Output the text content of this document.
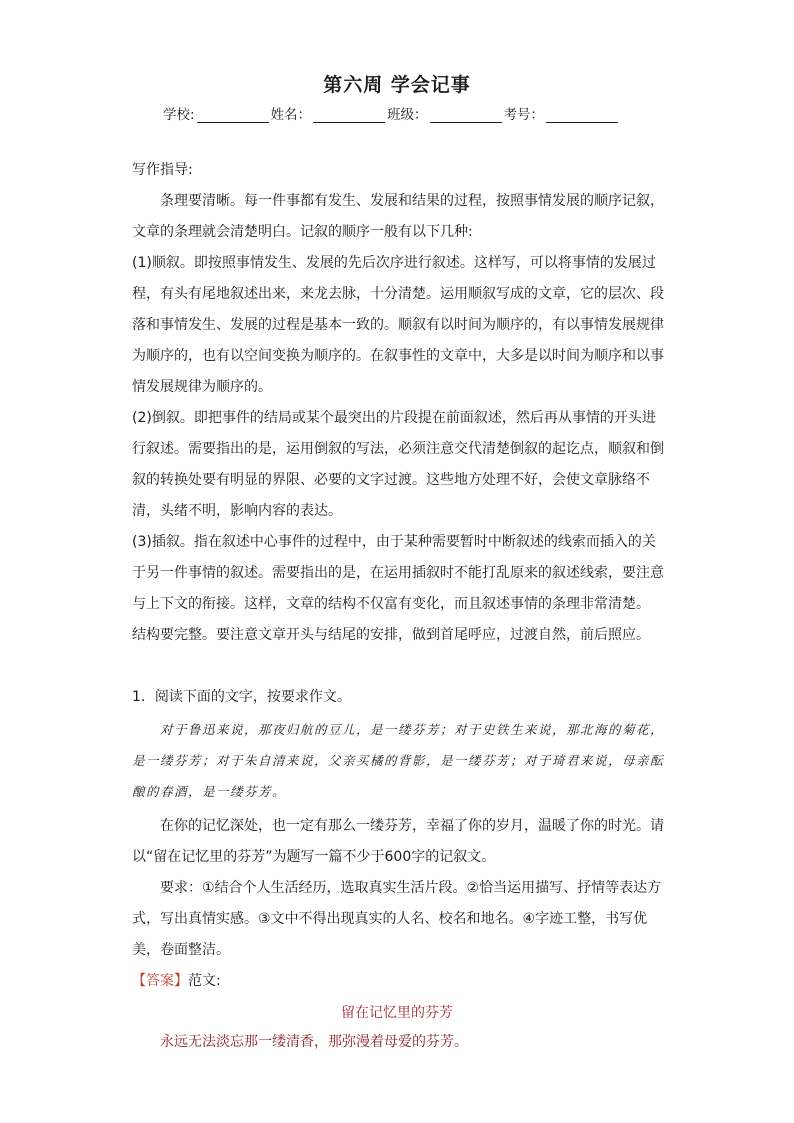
第六周 学会记事
学校:	姓名：	班级：	考号：

写作指导:

条理要清晰。每一件事都有发生、发展和结果的过程，按照事情发展的顺序记叙，文章的条理就会清楚明白。记叙的顺序一般有以下几种:

(1)顺叙。即按照事情发生、发展的先后次序进行叙述。这样写，可以将事情的发展过程，有头有尾地叙述出来，来龙去脉，十分清楚。运用顺叙写成的文章，它的层次、段落和事情发生、发展的过程是基本一致的。顺叙有以时间为顺序的，有以事情发展规律为顺序的，也有以空间变换为顺序的。在叙事性的文章中，大多是以时间为顺序和以事情发展规律为顺序的。

(2)倒叙。即把事件的结局或某个最突出的片段提在前面叙述，然后再从事情的开头进行叙述。需要指出的是，运用倒叙的写法，必须注意交代清楚倒叙的起讫点，顺叙和倒叙的转换处要有明显的界限、必要的文字过渡。这些地方处理不好，会使文章脉络不清，头绪不明，影响内容的表达。

(3)插叙。指在叙述中心事件的过程中，由于某种需要暂时中断叙述的线索而插入的关于另一件事情的叙述。需要指出的是，在运用插叙时不能打乱原来的叙述线索，要注意与上下文的衔接。这样，文章的结构不仅富有变化，而且叙述事情的条理非常清楚。

结构要完整。要注意文章开头与结尾的安排，做到首尾呼应，过渡自然，前后照应。

1．阅读下面的文字，按要求作文。

对于鲁迅来说，那夜归航的豆儿，是一缕芬芳；对于史铁生来说，那北海的菊花，是一缕芬芳；对于朱自清来说，父亲买橘的背影，是一缕芬芳；对于琦君来说，母亲酝酿的春酒，是一缕芬芳。

在你的记忆深处，也一定有那么一缕芬芳，幸福了你的岁月，温暖了你的时光。请以“留在记忆里的芬芳”为题写一篇不少于600字的记叙文。

要求：①结合个人生活经历，选取真实生活片段。②恰当运用描写、抒情等表达方式，写出真情实感。③文中不得出现真实的人名、校名和地名。④字迹工整，书写优美，卷面整洁。

【答案】范文:
留在记忆里的芬芳
永远无法淡忘那一缕清香，那弥漫着母爱的芬芳。
